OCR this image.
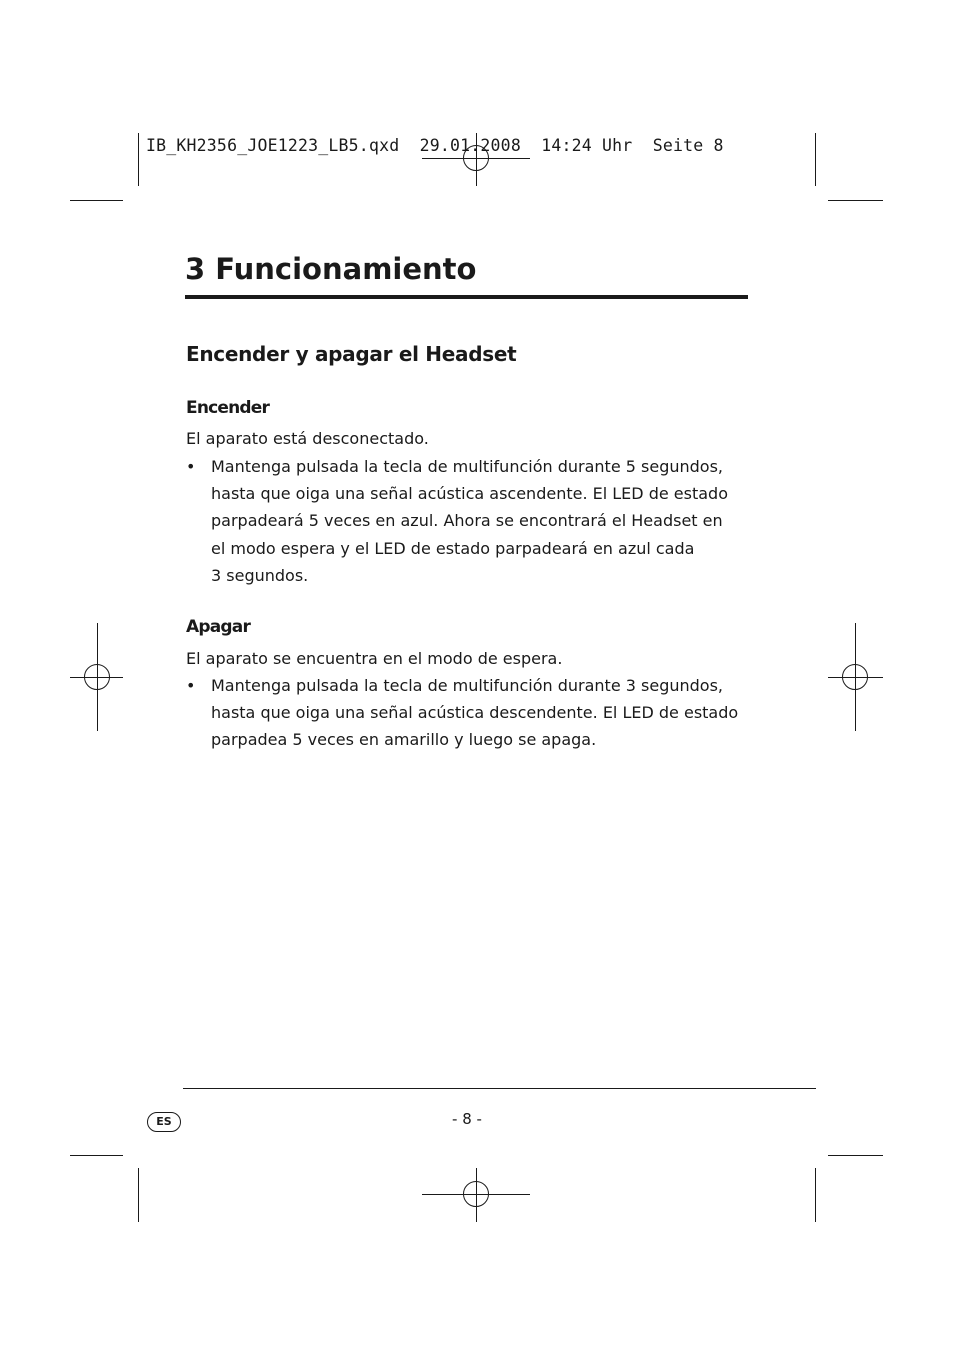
IB_KH2356_JOE1223_LB5.qxd  29.01.2008  14:24 Uhr  Seite 8
3 Funcionamiento
Encender y apagar el Headset
Encender

El aparato está desconectado.

• Mantenga pulsada la tecla de multifunción durante 5 segundos,
hasta que oiga una señal acústica ascendente. El LED de estado
parpadeará 5 veces en azul. Ahora se encontrará el Headset en
el modo espera y el LED de estado parpadeará en azul cada
3 segundos.
Apagar

El aparato se encuentra en el modo de espera.

• Mantenga pulsada la tecla de multifunción durante 3 segundos,
hasta que oiga una señal acústica descendente. El LED de estado
parpadea 5 veces en amarillo y luego se apaga.
ES	- 8 -
